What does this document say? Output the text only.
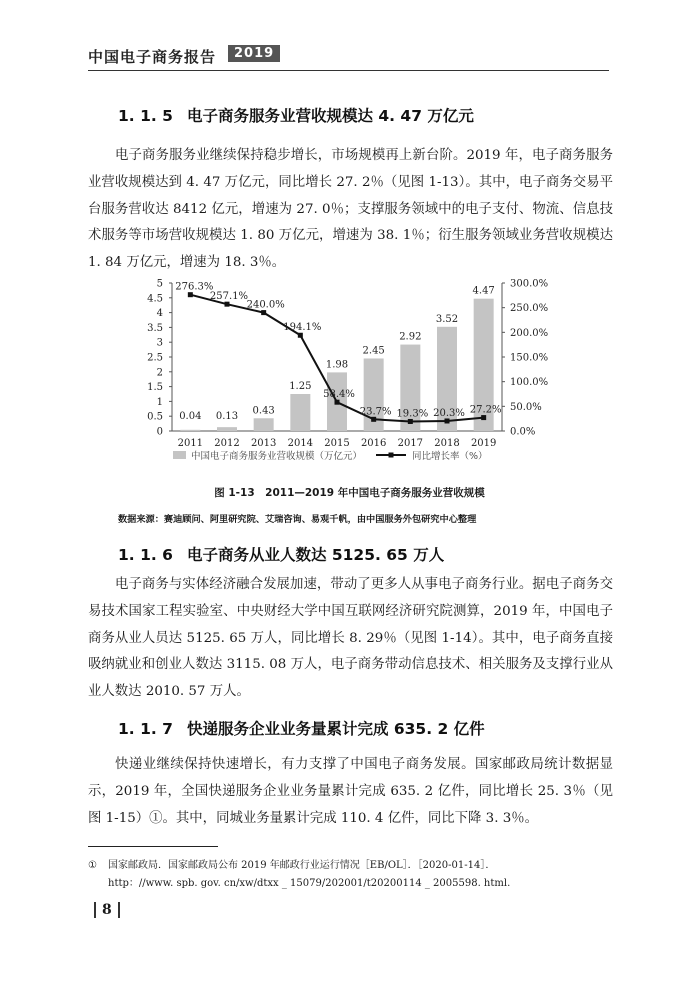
中国电子商务报告	2019
1. 1. 5 电子商务服务业营收规模达 4. 47 万亿元

电子商务服务业继续保持稳步增长，市场规模再上新台阶。2019 年，电子商务服务业营收规模达到 4. 47 万亿元，同比增长 27. 2％（见图 1-13）。其中，电子商务交易平台服务营收达 8412 亿元，增速为 27. 0％；支撑服务领域中的电子支付、物流、信息技术服务等市场营收规模达 1. 80 万亿元，增速为 38. 1％；衍生服务领域业务营收规模达 1. 84 万亿元，增速为 18. 3％。

0
0.5
1
1.5
2
2.5
3
3.5
4
4.5
5
0.0%
50.0%
100.0%
150.0%
200.0%
250.0%
300.0%
2011 2012 2013 2014 2015 2016 2017 2018 2019
0.04 0.13
0.43
1.25
1.98
2.45
2.92
3.52
4.47
276.3%
257.1%
240.0%
194.1%
58.4%
23.7% 19.3% 20.3% 27.2%
中国电子商务服务业营收规模（万亿元）	同比增长率（%）
图 1-13　2011—2019 年中国电子商务服务业营收规模
数据来源：赛迪顾问、阿里研究院、艾瑞咨询、易观千帆，由中国服务外包研究中心整理
1. 1. 6 电子商务从业人数达 5125. 65 万人

电子商务与实体经济融合发展加速，带动了更多人从事电子商务行业。据电子商务交易技术国家工程实验室、中央财经大学中国互联网经济研究院测算，2019 年，中国电子商务从业人员达 5125. 65 万人，同比增长 8. 29％（见图 1-14）。其中，电子商务直接吸纳就业和创业人数达 3115. 08 万人，电子商务带动信息技术、相关服务及支撑行业从业人数达 2010. 57 万人。

1. 1. 7 快递服务企业业务量累计完成 635. 2 亿件

快递业继续保持快速增长，有力支撑了中国电子商务发展。国家邮政局统计数据显示，2019 年，全国快递服务企业业务量累计完成 635. 2 亿件，同比增长 25. 3％（见图 1-15）①。其中，同城业务量累计完成 110. 4 亿件，同比下降 3. 3％。

① 国家邮政局．国家邮政局公布 2019 年邮政行业运行情况［EB/OL］．［2020-01-14］．
http：//www. spb. gov. cn/xw/dtxx _ 15079/202001/t20200114 _ 2005598. html.
8
